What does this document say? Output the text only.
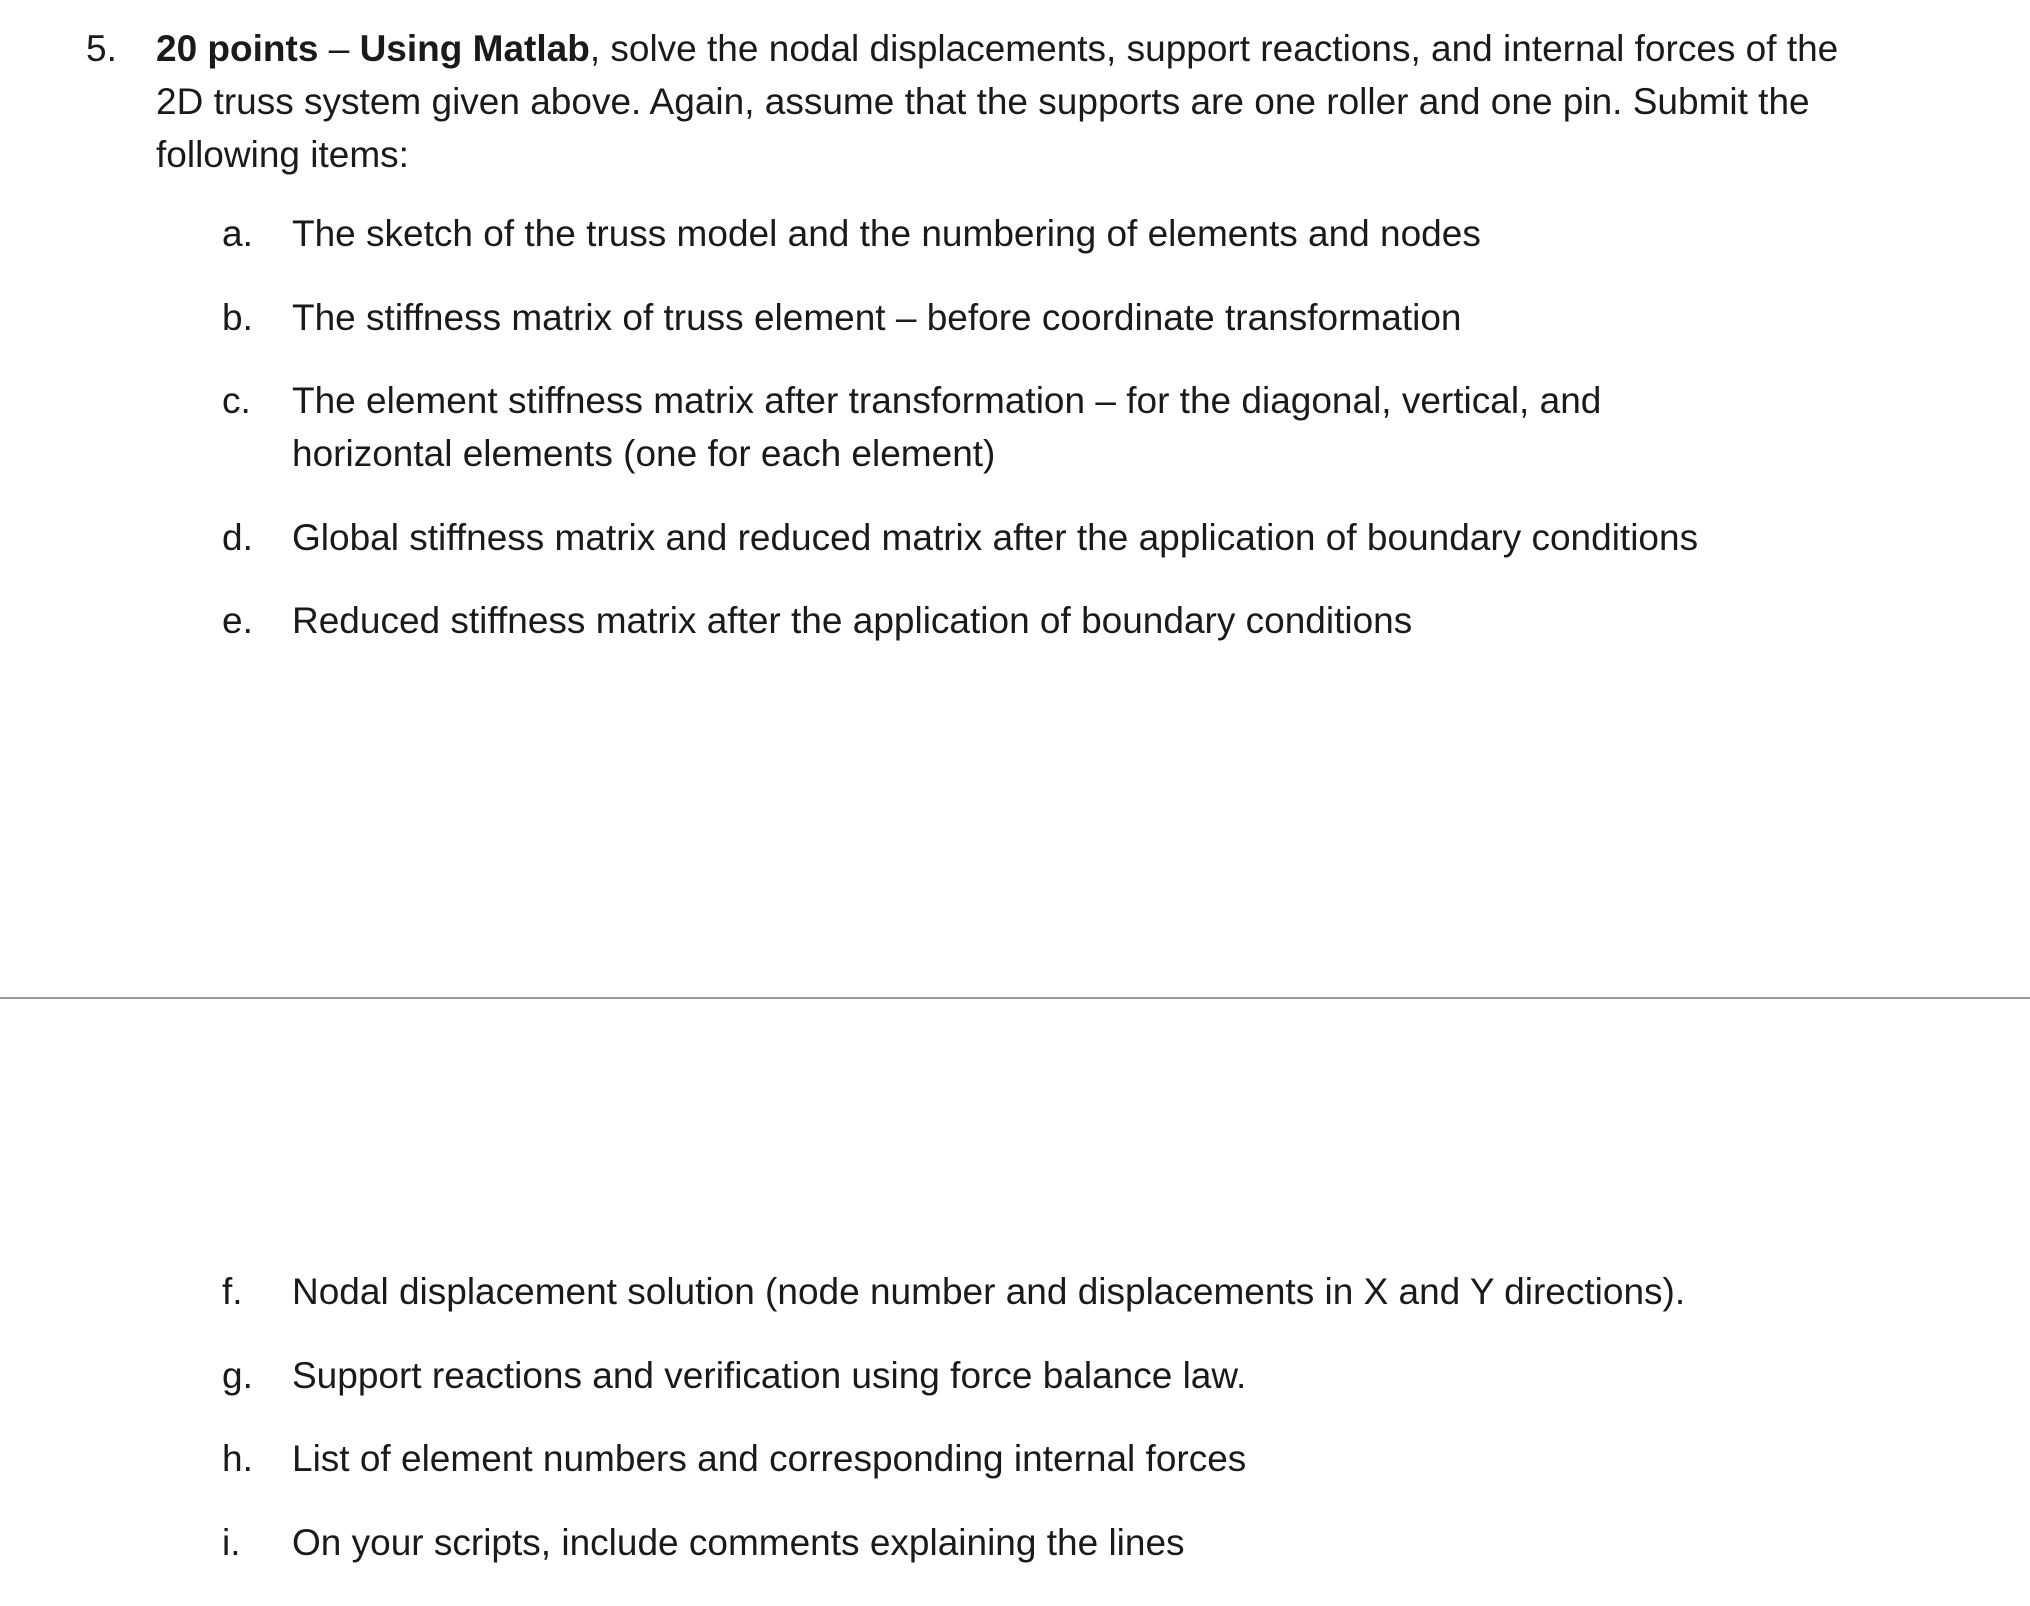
5.	20 points – Using Matlab, solve the nodal displacements, support reactions, and internal forces of the 2D truss system given above. Again, assume that the supports are one roller and one pin. Submit the following items:
a.	The sketch of the truss model and the numbering of elements and nodes
b.	The stiffness matrix of truss element – before coordinate transformation
c.	The element stiffness matrix after transformation – for the diagonal, vertical, and horizontal elements (one for each element)
d.	Global stiffness matrix and reduced matrix after the application of boundary conditions
e.	Reduced stiffness matrix after the application of boundary conditions
f.	Nodal displacement solution (node number and displacements in X and Y directions).
g.	Support reactions and verification using force balance law.
h.	List of element numbers and corresponding internal forces
i.	On your scripts, include comments explaining the lines
